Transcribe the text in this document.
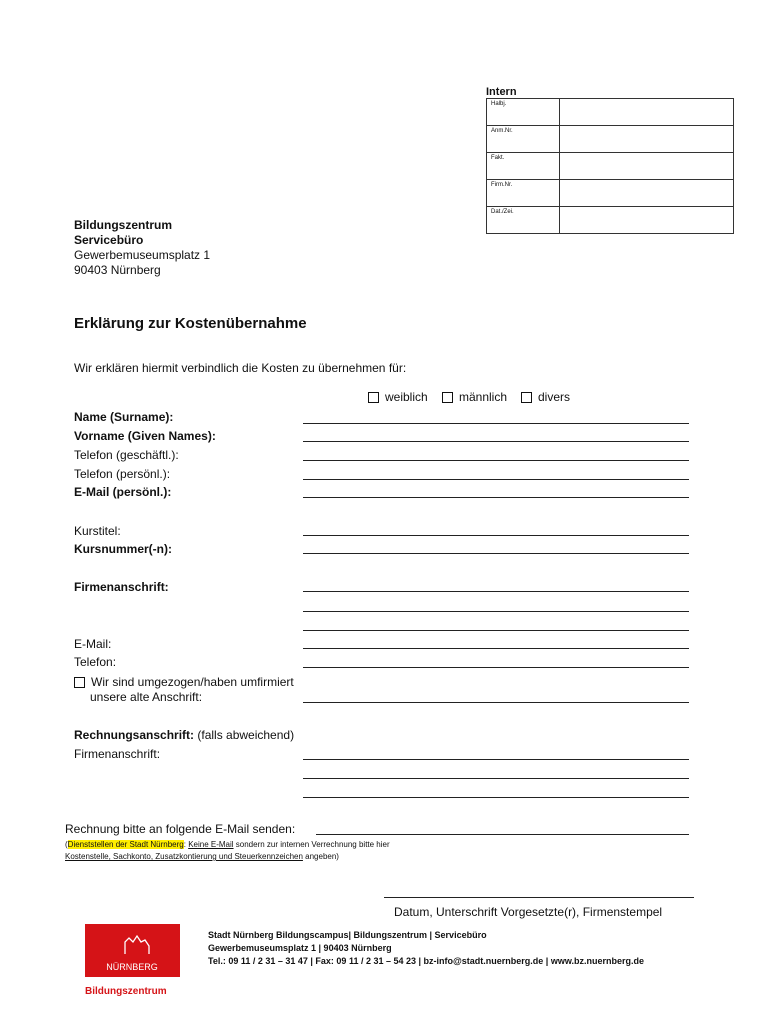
Intern
Halbj.	
Anm.Nr.	
Fakt.	
Firm.Nr.	
Dat./Zei.	
Bildungszentrum
Servicebüro
Gewerbemuseumsplatz 1
90403 Nürnberg
Erklärung zur Kostenübernahme
Wir erklären hiermit verbindlich die Kosten zu übernehmen für:
weiblich	männlich	divers
Name (Surname):
Vorname (Given Names):
Telefon (geschäftl.):
Telefon (persönl.):
E-Mail (persönl.):
Kurstitel:
Kursnummer(-n):
Firmenanschrift:
E-Mail:
Telefon:
Wir sind umgezogen/haben umfirmiert
unsere alte Anschrift:
Rechnungsanschrift: (falls abweichend)
Firmenanschrift:
Rechnung bitte an folgende E-Mail senden:
(Dienststellen der Stadt Nürnberg: Keine E-Mail sondern zur internen Verrechnung bitte hier
Kostenstelle, Sachkonto, Zusatzkontierung und Steuerkennzeichen angeben)
Datum, Unterschrift Vorgesetzte(r), Firmenstempel
NÜRNBERG
Bildungszentrum
Stadt Nürnberg Bildungscampus| Bildungszentrum | Servicebüro
Gewerbemuseumsplatz 1 | 90403 Nürnberg
Tel.: 09 11 / 2 31 – 31 47 | Fax: 09 11 / 2 31 – 54 23 | bz-info@stadt.nuernberg.de | www.bz.nuernberg.de
